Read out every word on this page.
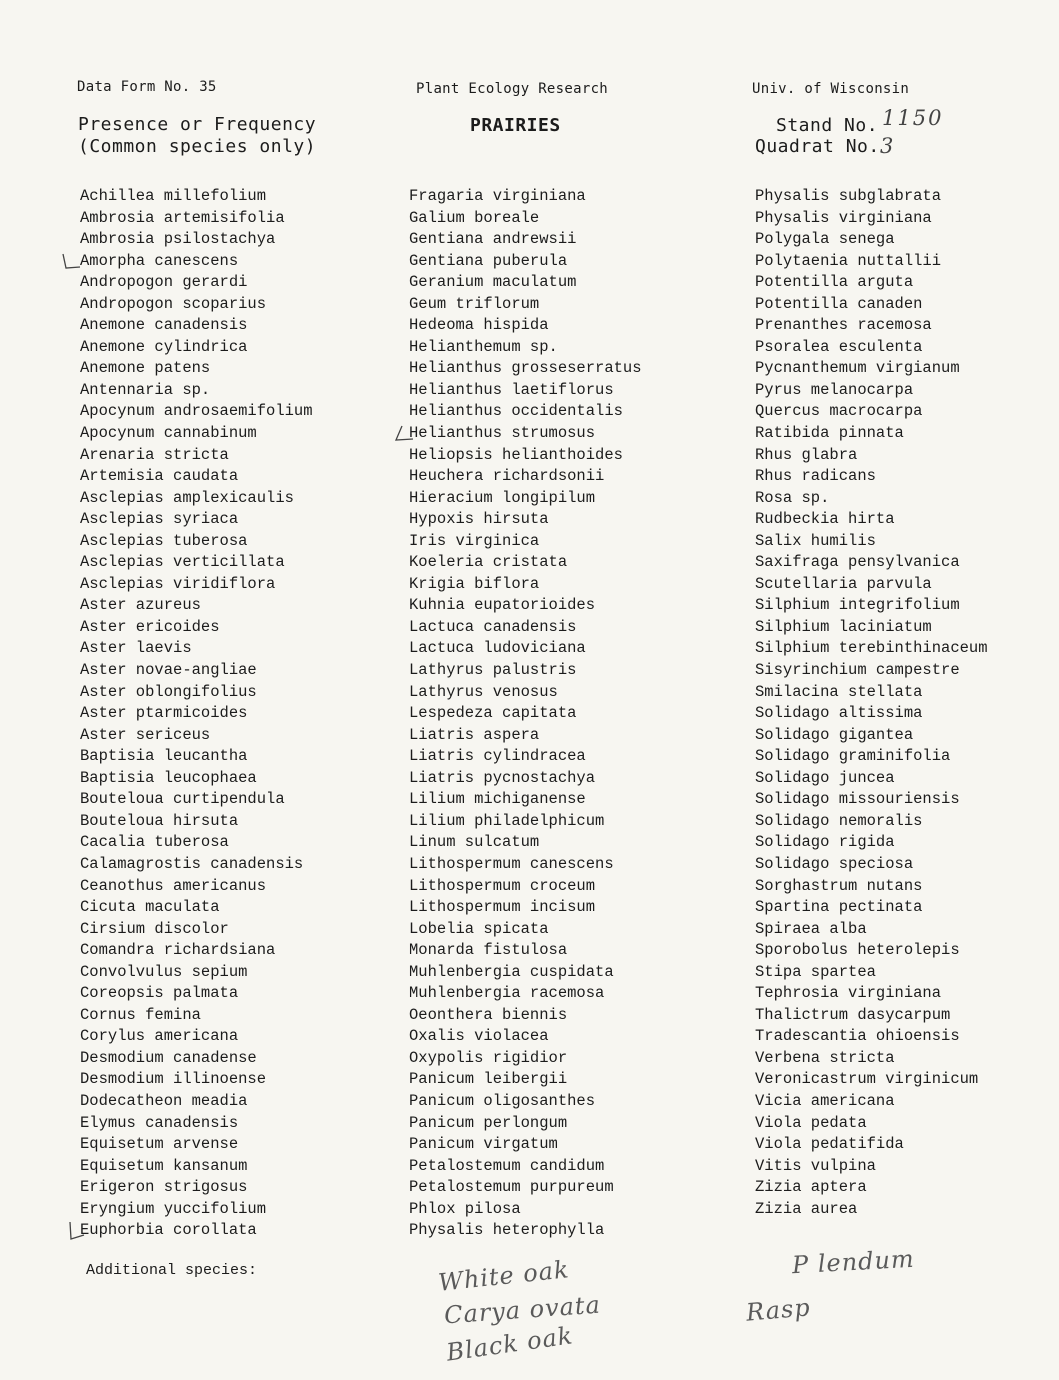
Data Form No. 35	Plant Ecology Research	Univ. of Wisconsin
Presence or Frequency
(Common species only)
PRAIRIES	Stand No. 1150
Quadrat No. 3
Achillea millefolium
Ambrosia artemisifolia
Ambrosia psilostachya
Amorpha canescens
Andropogon gerardi
Andropogon scoparius
Anemone canadensis
Anemone cylindrica
Anemone patens
Antennaria sp.
Apocynum androsaemifolium
Apocynum cannabinum
Arenaria stricta
Artemisia caudata
Asclepias amplexicaulis
Asclepias syriaca
Asclepias tuberosa
Asclepias verticillata
Asclepias viridiflora
Aster azureus
Aster ericoides
Aster laevis
Aster novae-angliae
Aster oblongifolius
Aster ptarmicoides
Aster sericeus
Baptisia leucantha
Baptisia leucophaea
Bouteloua curtipendula
Bouteloua hirsuta
Cacalia tuberosa
Calamagrostis canadensis
Ceanothus americanus
Cicuta maculata
Cirsium discolor
Comandra richardsiana
Convolvulus sepium
Coreopsis palmata
Cornus femina
Corylus americana
Desmodium canadense
Desmodium illinoense
Dodecatheon meadia
Elymus canadensis
Equisetum arvense
Equisetum kansanum
Erigeron strigosus
Eryngium yuccifolium
Euphorbia corollata
Fragaria virginiana
Galium boreale
Gentiana andrewsii
Gentiana puberula
Geranium maculatum
Geum triflorum
Hedeoma hispida
Helianthemum sp.
Helianthus grosseserratus
Helianthus laetiflorus
Helianthus occidentalis
Helianthus strumosus
Heliopsis helianthoides
Heuchera richardsonii
Hieracium longipilum
Hypoxis hirsuta
Iris virginica
Koeleria cristata
Krigia biflora
Kuhnia eupatorioides
Lactuca canadensis
Lactuca ludoviciana
Lathyrus palustris
Lathyrus venosus
Lespedeza capitata
Liatris aspera
Liatris cylindracea
Liatris pycnostachya
Lilium michiganense
Lilium philadelphicum
Linum sulcatum
Lithospermum canescens
Lithospermum croceum
Lithospermum incisum
Lobelia spicata
Monarda fistulosa
Muhlenbergia cuspidata
Muhlenbergia racemosa
Oeonthera biennis
Oxalis violacea
Oxypolis rigidior
Panicum leibergii
Panicum oligosanthes
Panicum perlongum
Panicum virgatum
Petalostemum candidum
Petalostemum purpureum
Phlox pilosa
Physalis heterophylla
Physalis subglabrata
Physalis virginiana
Polygala senega
Polytaenia nuttallii
Potentilla arguta
Potentilla canaden
Prenanthes racemosa
Psoralea esculenta
Pycnanthemum virgianum
Pyrus melanocarpa
Quercus macrocarpa
Ratibida pinnata
Rhus glabra
Rhus radicans
Rosa sp.
Rudbeckia hirta
Salix humilis
Saxifraga pensylvanica
Scutellaria parvula
Silphium integrifolium
Silphium laciniatum
Silphium terebinthinaceum
Sisyrinchium campestre
Smilacina stellata
Solidago altissima
Solidago gigantea
Solidago graminifolia
Solidago juncea
Solidago missouriensis
Solidago nemoralis
Solidago rigida
Solidago speciosa
Sorghastrum nutans
Spartina pectinata
Spiraea alba
Sporobolus heterolepis
Stipa spartea
Tephrosia virginiana
Thalictrum dasycarpum
Tradescantia ohioensis
Verbena stricta
Veronicastrum virginicum
Vicia americana
Viola pedata
Viola pedatifida
Vitis vulpina
Zizia aptera
Zizia aurea
Additional species:	White oak
Carya ovata
Black oak
P lendum
Rasp
